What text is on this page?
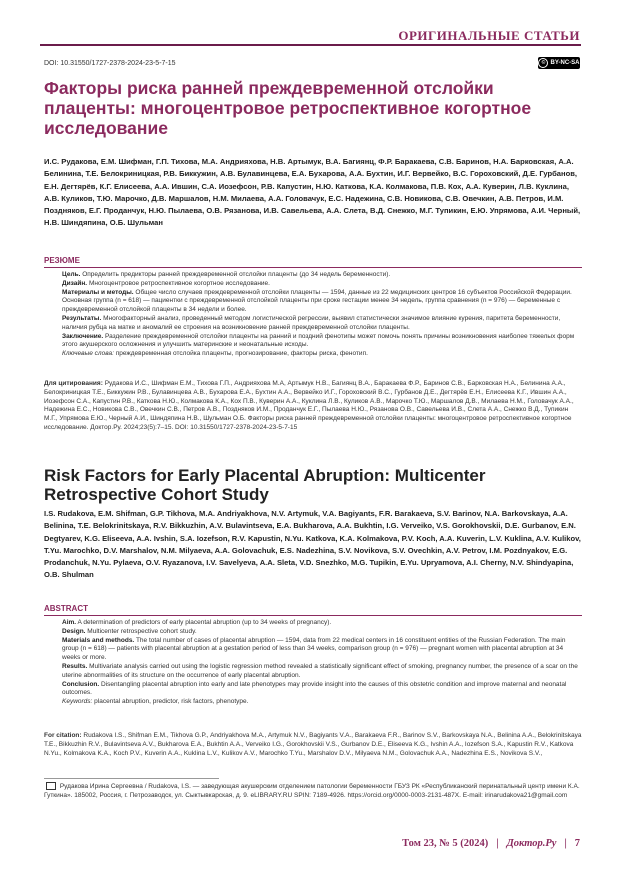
ОРИГИНАЛЬНЫЕ СТАТЬИ
DOI: 10.31550/1727-2378-2024-23-5-7-15	© BY-NC-SA
Факторы риска ранней преждевременной отслойки плаценты: многоцентровое ретроспективное когортное исследование
И.С. Рудакова, Е.М. Шифман, Г.П. Тихова, М.А. Андрияхова, Н.В. Артымук, В.А. Багиянц, Ф.Р. Баракаева, С.В. Баринов, Н.А. Барковская, А.А. Белинина, Т.Е. Белокриницкая, Р.В. Биккужин, А.В. Булавинцева, Е.А. Бухарова, А.А. Бухтин, И.Г. Вервейко, В.С. Гороховский, Д.Е. Гурбанов, Е.Н. Дегтярёв, К.Г. Елисеева, А.А. Ившин, С.А. Иозефсон, Р.В. Капустин, Н.Ю. Каткова, К.А. Колмакова, П.В. Кох, А.А. Куверин, Л.В. Куклина, А.В. Куликов, Т.Ю. Марочко, Д.В. Маршалов, Н.М. Милаева, А.А. Головачук, Е.С. Надежина, С.В. Новикова, С.В. Овечкин, А.В. Петров, И.М. Поздняков, Е.Г. Проданчук, Н.Ю. Пылаева, О.В. Рязанова, И.В. Савельева, А.А. Слета, В.Д. Снежко, М.Г. Тупикин, Е.Ю. Упрямова, А.И. Черный, Н.В. Шиндяпина, О.Б. Шульман
РЕЗЮМЕ
Цель. Определить предикторы ранней преждевременной отслойки плаценты (до 34 недель беременности).
Дизайн. Многоцентровое ретроспективное когортное исследование.
Материалы и методы. Общее число случаев преждевременной отслойки плаценты — 1594, данные из 22 медицинских центров 16 субъектов Российской Федерации. Основная группа (n = 618) — пациентки с преждевременной отслойкой плаценты при сроке гестации менее 34 недель, группа сравнения (n = 976) — беременные с преждевременной отслойкой плаценты в 34 недели и более.
Результаты. Многофакторный анализ, проведенный методом логистической регрессии, выявил статистически значимое влияние курения, паритета беременности, наличия рубца на матке и аномалий ее строения на возникновение ранней преждевременной отслойки плаценты.
Заключение. Разделение преждевременной отслойки плаценты на ранний и поздний фенотипы может помочь понять причины возникновения наиболее тяжелых форм этого акушерского осложнения и улучшить материнские и неонатальные исходы.
Ключевые слова: преждевременная отслойка плаценты, прогнозирование, факторы риска, фенотип.
Для цитирования: Рудакова И.С., Шифман Е.М., Тихова Г.П., Андрияхова М.А, Артымук Н.В., Багиянц В.А., Баракаева Ф.Р., Баринов С.В., Барковская Н.А., Белинина А.А., Белокриницкая Т.Е., Биккужин Р.В., Булавинцева А.В., Бухарова Е.А., Бухтин А.А., Вервейко И.Г., Гороховский В.С., Гурбанов Д.Е., Дегтярёв Е.Н., Елисеева К.Г., Ившин А.А., Иозефсон С.А., Капустин Р.В., Каткова Н.Ю., Колмакова К.А., Кох П.В., Куверин А.А., Куклина Л.В., Куликов А.В., Марочко Т.Ю., Маршалов Д.В., Милаева Н.М., Головачук А.А., Надежина Е.С., Новикова С.В., Овечкин С.В., Петров А.В., Поздняков И.М., Проданчук Е.Г., Пылаева Н.Ю., Рязанова О.В., Савельева И.В., Слета А.А., Снежко В.Д., Тупикин М.Г., Упрямова Е.Ю., Черный А.И., Шиндяпина Н.В., Шульман О.Б. Факторы риска ранней преждевременной отслойки плаценты: многоцентровое ретроспективное когортное исследование. Доктор.Ру. 2024;23(5):7–15. DOI: 10.31550/1727-2378-2024-23-5-7-15
Risk Factors for Early Placental Abruption: Multicenter Retrospective Cohort Study
I.S. Rudakova, E.M. Shifman, G.P. Tikhova, M.A. Andriyakhova, N.V. Artymuk, V.A. Bagiyants, F.R. Barakaeva, S.V. Barinov, N.A. Barkovskaya, A.A. Belinina, T.E. Belokrinitskaya, R.V. Bikkuzhin, A.V. Bulavintseva, E.A. Bukharova, A.A. Bukhtin, I.G. Verveiko, V.S. Gorokhovskii, D.E. Gurbanov, E.N. Degtyarev, K.G. Eliseeva, A.A. Ivshin, S.A. Iozefson, R.V. Kapustin, N.Yu. Katkova, K.A. Kolmakova, P.V. Koch, A.A. Kuverin, L.V. Kuklina, A.V. Kulikov, T.Yu. Marochko, D.V. Marshalov, N.M. Milyaeva, A.A. Golovachuk, E.S. Nadezhina, S.V. Novikova, S.V. Ovechkin, A.V. Petrov, I.M. Pozdnyakov, E.G. Prodanchuk, N.Yu. Pylaeva, O.V. Ryazanova, I.V. Savelyeva, A.A. Sleta, V.D. Snezhko, M.G. Tupikin, E.Yu. Upryamova, A.I. Cherny, N.V. Shindyapina, O.B. Shulman
ABSTRACT
Aim. A determination of predictors of early placental abruption (up to 34 weeks of pregnancy).
Design. Multicenter retrospective cohort study.
Materials and methods. The total number of cases of placental abruption — 1594, data from 22 medical centers in 16 constituent entities of the Russian Federation. The main group (n = 618) — patients with placental abruption at a gestation period of less than 34 weeks, comparison group (n = 976) — pregnant women with placental abruption at 34 weeks or more.
Results. Multivariate analysis carried out using the logistic regression method revealed a statistically significant effect of smoking, pregnancy number, the presence of a scar on the uterine abnormalities of its structure on the occurrence of early placental abruption.
Conclusion. Disentangling placental abruption into early and late phenotypes may provide insight into the causes of this obstetric condition and improve maternal and neonatal outcomes.
Keywords: placental abruption, predictor, risk factors, phenotype.
For citation: Rudakova I.S., Shifman E.M., Tikhova G.P., Andriyakhova M.A., Artymuk N.V., Bagiyants V.A., Barakaeva F.R., Barinov S.V., Barkovskaya N.A., Belinina A.A., Belokrinitskaya T.E., Bikkuzhin R.V., Bulavintseva A.V., Bukharova E.A., Bukhtin A.A., Verveiko I.G., Gorokhovskii V.S., Gurbanov D.E., Eliseeva K.G., Ivshin A.A., Iozefson S.A., Kapustin R.V., Katkova N.Yu., Kolmakova K.A., Koch P.V., Kuverin A.A., Kuklina L.V., Kulikov A.V., Marochko T.Yu., Marshalov D.V., Milyaeva N.M., Golovachuk A.A., Nadezhina E.S., Novikova S.V.,
Рудакова Ирина Сергеевна / Rudakova, I.S. — заведующая акушерским отделением патологии беременности ГБУЗ РК «Республиканский перинатальный центр имени К.А. Гуткина». 185002, Россия, г. Петрозаводск, ул. Сыктывкарская, д. 9. eLIBRARY.RU SPIN: 7189-4926. https://orcid.org/0000-0003-2131-487X. E-mail: irinarudakova21@gmail.com
Том 23, № 5 (2024) | Доктор.Ру | 7
